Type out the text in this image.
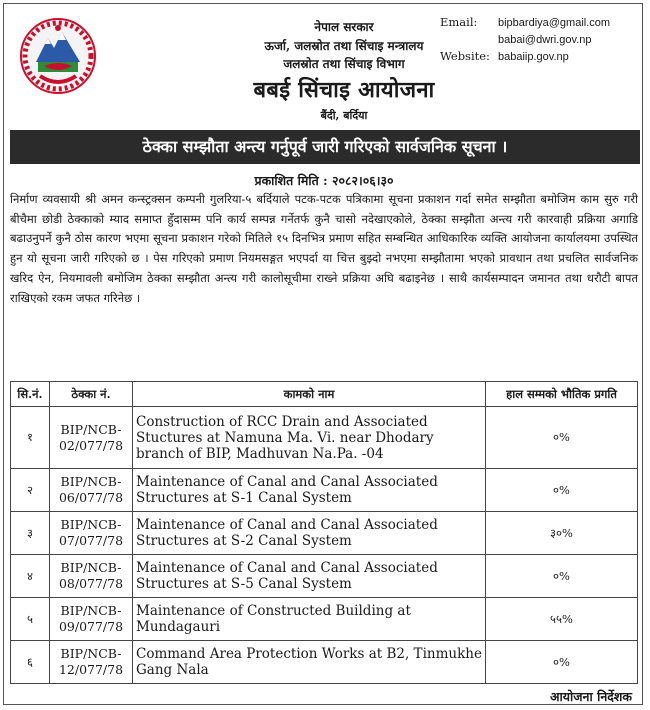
नेपाल सरकार
ऊर्जा, जलस्रोत तथा सिंचाइ मन्त्रालय
जलस्रोत तथा सिंचाइ विभाग
बबई सिंचाइ आयोजना
बैंदी, बर्दिया
Email: bipbardiya@gmail.com
babai@dwri.gov.np
Website: babaiip.gov.np
ठेक्का सम्झौता अन्त्य गर्नुपूर्व जारी गरिएको सार्वजनिक सूचना ।
प्रकाशित मिति : २०८२।०६।३०
निर्माण व्यवसायी श्री अमन कन्स्ट्रक्सन कम्पनी गुलरिया-५ बर्दियाले पटक-पटक पत्रिकामा सूचना प्रकाशन गर्दा समेत सम्झौता बमोजिम काम सुरु गरी बीचैमा छोडी ठेक्काको म्याद समाप्त हुँदासम्म पनि कार्य सम्पन्न गर्नेतर्फ कुनै चासो नदेखाएकोले, ठेक्का सम्झौता अन्त्य गरी कारवाही प्रक्रिया अगाडि बढाउनुपर्ने कुनै ठोस कारण भएमा सूचना प्रकाशन गरेको मितिले १५ दिनभित्र प्रमाण सहित सम्बन्धित आधिकारिक व्यक्ति आयोजना कार्यालयमा उपस्थित हुन यो सूचना जारी गरिएको छ । पेस गरिएको प्रमाण नियमसङ्गत भएपर्दा या चित्त बुझ्दो नभएमा सम्झौतामा भएको प्रावधान तथा प्रचलित सार्वजनिक खरिद ऐन, नियमावली बमोजिम ठेक्का सम्झौता अन्त्य गरी कालोसूचीमा राख्ने प्रक्रिया अघि बढाइनेछ । साथै कार्यसम्पादन जमानत तथा धरौटी बापत राखिएको रकम जफत गरिनेछ ।
सि.नं.	ठेक्का नं.	कामको नाम	हाल सम्मको भौतिक प्रगति
१	BIP/NCB-02/077/78	Construction of RCC Drain and Associated Stuctures at Namuna Ma. Vi. near Dhodary branch of BIP, Madhuvan Na.Pa. -04	०%
२	BIP/NCB-06/077/78	Maintenance of Canal and Canal Associated Structures at S-1 Canal System	०%
३	BIP/NCB-07/077/78	Maintenance of Canal and Canal Associated Structures at S-2 Canal System	३०%
४	BIP/NCB-08/077/78	Maintenance of Canal and Canal Associated Structures at S-5 Canal System	०%
५	BIP/NCB-09/077/78	Maintenance of Constructed Building at Mundagauri	५५%
६	BIP/NCB-12/077/78	Command Area Protection Works at B2, Tinmukhe Gang Nala	०%
आयोजना निर्देशक
